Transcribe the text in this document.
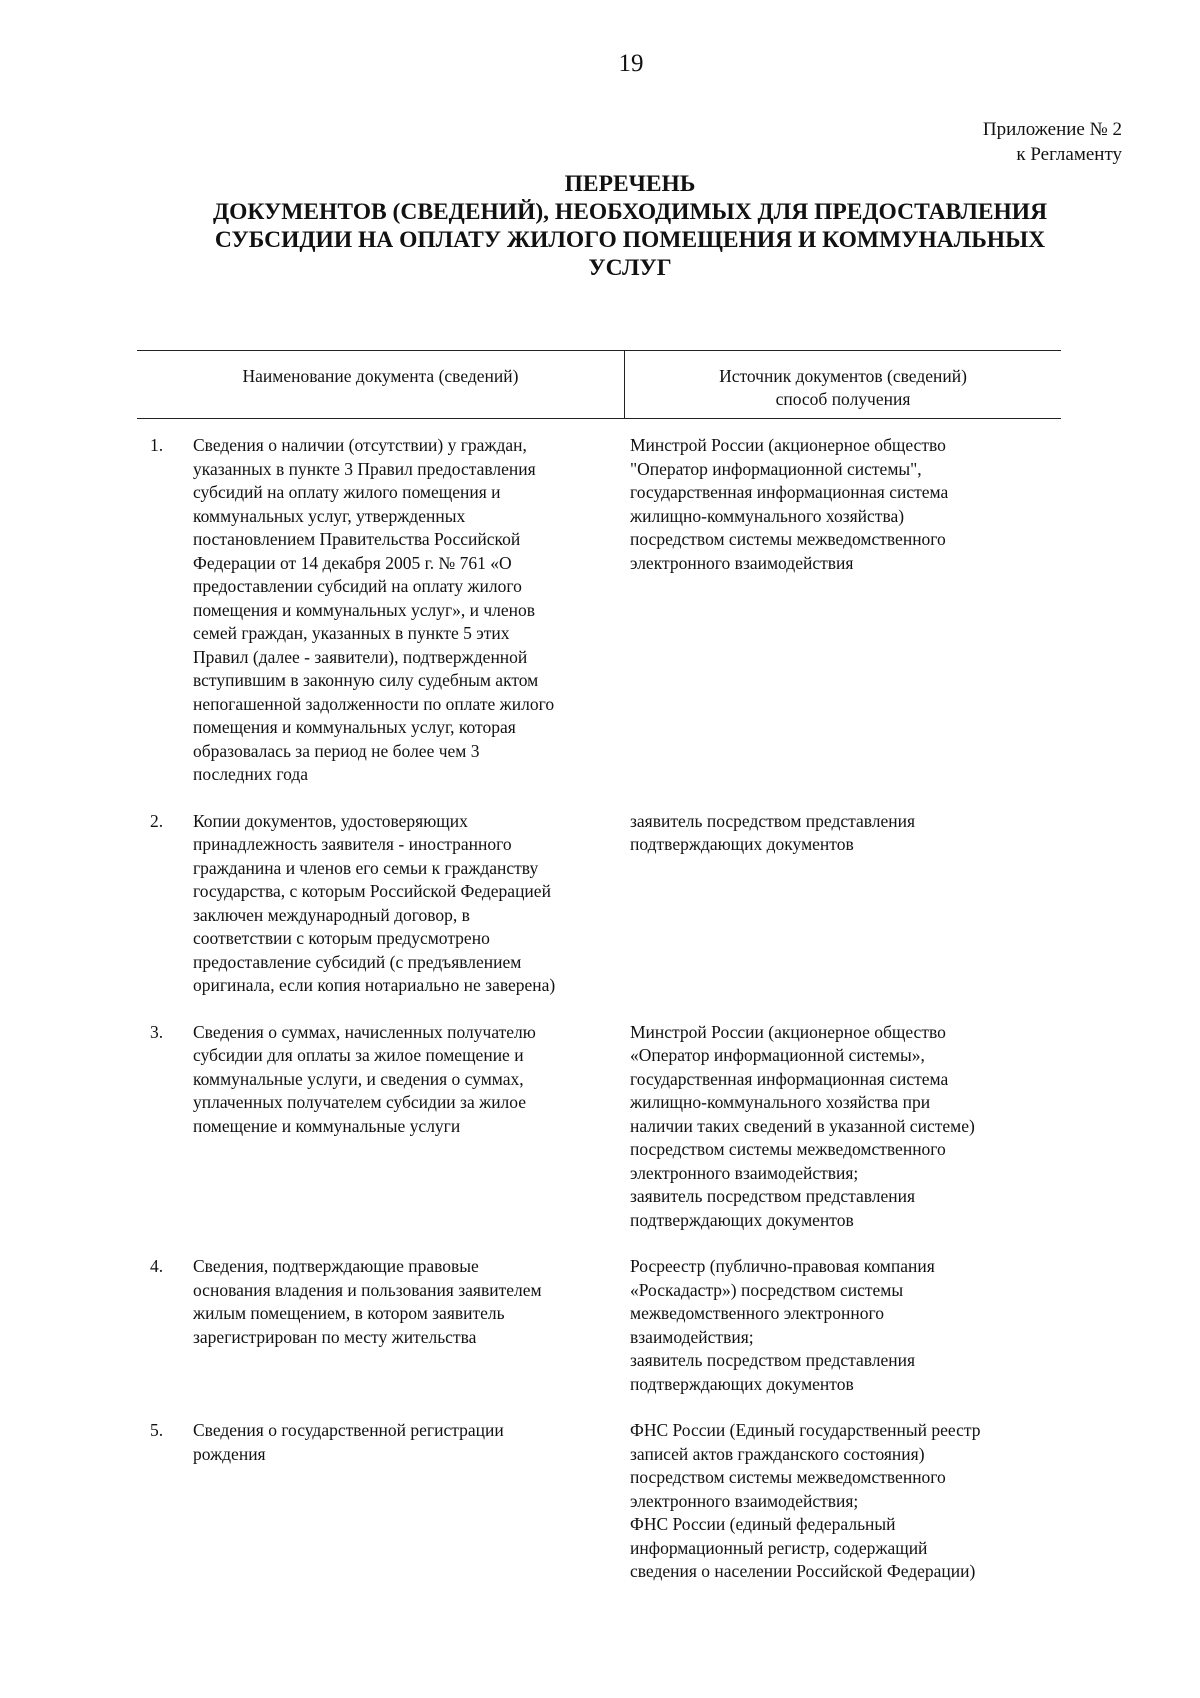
19
Приложение № 2
к Регламенту
ПЕРЕЧЕНЬ
ДОКУМЕНТОВ (СВЕДЕНИЙ), НЕОБХОДИМЫХ ДЛЯ ПРЕДОСТАВЛЕНИЯ
СУБСИДИИ НА ОПЛАТУ ЖИЛОГО ПОМЕЩЕНИЯ И КОММУНАЛЬНЫХ
УСЛУГ
Наименование документа (сведений)	Источник документов (сведений)
способ получения
1. Сведения о наличии (отсутствии) у граждан,
указанных в пункте 3 Правил предоставления
субсидий на оплату жилого помещения и
коммунальных услуг, утвержденных
постановлением Правительства Российской
Федерации от 14 декабря 2005 г. № 761 «О
предоставлении субсидий на оплату жилого
помещения и коммунальных услуг», и членов
семей граждан, указанных в пункте 5 этих
Правил (далее - заявители), подтвержденной
вступившим в законную силу судебным актом
непогашенной задолженности по оплате жилого
помещения и коммунальных услуг, которая
образовалась за период не более чем 3
последних года
Минстрой России (акционерное общество
"Оператор информационной системы",
государственная информационная система
жилищно-коммунального хозяйства)
посредством системы межведомственного
электронного взаимодействия
2. Копии документов, удостоверяющих
принадлежность заявителя - иностранного
гражданина и членов его семьи к гражданству
государства, с которым Российской Федерацией
заключен международный договор, в
соответствии с которым предусмотрено
предоставление субсидий (с предъявлением
оригинала, если копия нотариально не заверена)
заявитель посредством представления
подтверждающих документов
3. Сведения о суммах, начисленных получателю
субсидии для оплаты за жилое помещение и
коммунальные услуги, и сведения о суммах,
уплаченных получателем субсидии за жилое
помещение и коммунальные услуги
Минстрой России (акционерное общество
«Оператор информационной системы»,
государственная информационная система
жилищно-коммунального хозяйства при
наличии таких сведений в указанной системе)
посредством системы межведомственного
электронного взаимодействия;
заявитель посредством представления
подтверждающих документов
4. Сведения, подтверждающие правовые
основания владения и пользования заявителем
жилым помещением, в котором заявитель
зарегистрирован по месту жительства
Росреестр (публично-правовая компания
«Роскадастр») посредством системы
межведомственного электронного
взаимодействия;
заявитель посредством представления
подтверждающих документов
5. Сведения о государственной регистрации
рождения
ФНС России (Единый государственный реестр
записей актов гражданского состояния)
посредством системы межведомственного
электронного взаимодействия;
ФНС России (единый федеральный
информационный регистр, содержащий
сведения о населении Российской Федерации)
